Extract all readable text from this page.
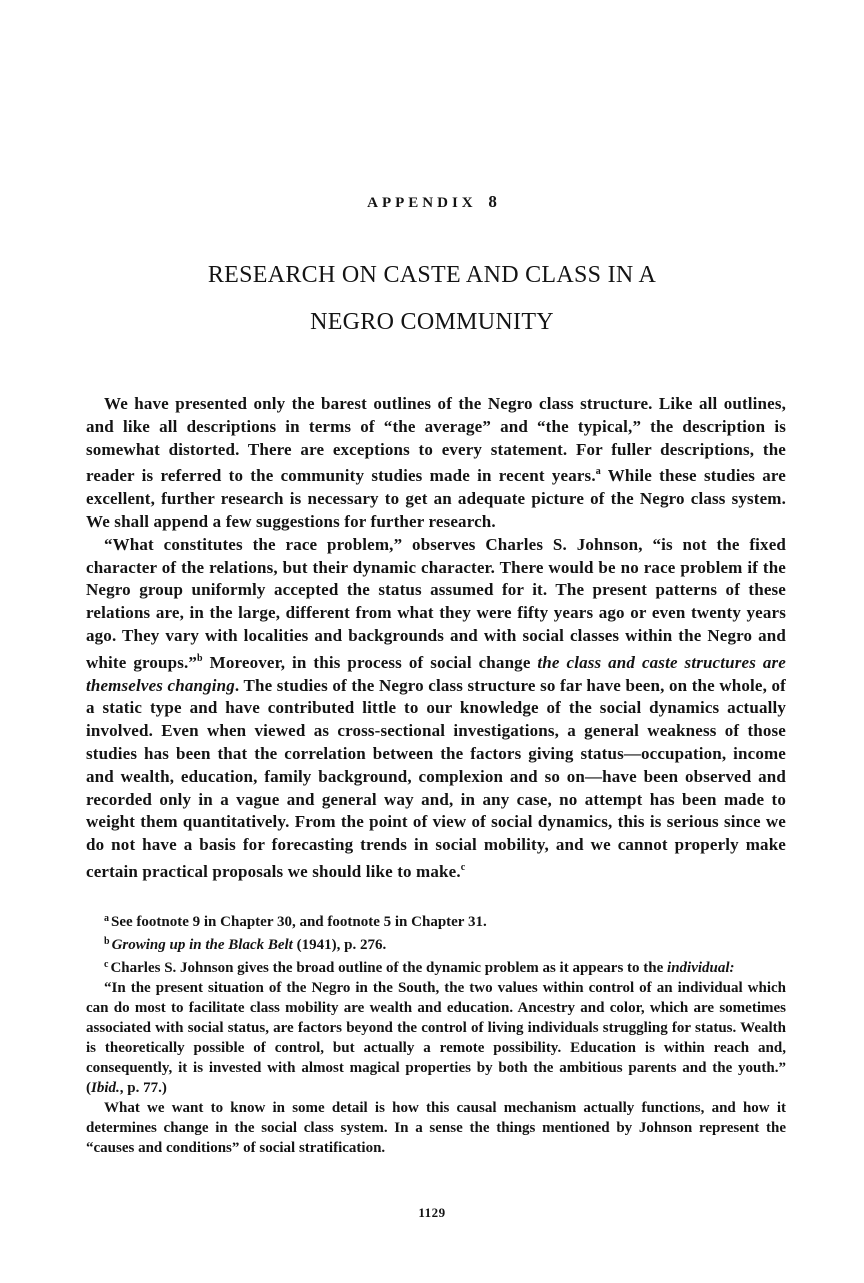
APPENDIX 8
RESEARCH ON CASTE AND CLASS IN A
NEGRO COMMUNITY

We have presented only the barest outlines of the Negro class structure. Like all outlines, and like all descriptions in terms of “the average” and “the typical,” the description is somewhat distorted. There are exceptions to every statement. For fuller descriptions, the reader is referred to the community studies made in recent years.$^a$ While these studies are excellent, further research is necessary to get an adequate picture of the Negro class system. We shall append a few suggestions for further research.

“What constitutes the race problem,” observes Charles S. Johnson, “is not the fixed character of the relations, but their dynamic character. There would be no race problem if the Negro group uniformly accepted the status assumed for it. The present patterns of these relations are, in the large, different from what they were fifty years ago or even twenty years ago. They vary with localities and backgrounds and with social classes within the Negro and white groups.”$^b$ Moreover, in this process of social change the class and caste structures are themselves changing. The studies of the Negro class structure so far have been, on the whole, of a static type and have contributed little to our knowledge of the social dynamics actually involved. Even when viewed as cross-sectional investigations, a general weakness of those studies has been that the correlation between the factors giving status—occupation, income and wealth, education, family background, complexion and so on—have been observed and recorded only in a vague and general way and, in any case, no attempt has been made to weight them quantitatively. From the point of view of social dynamics, this is serious since we do not have a basis for forecasting trends in social mobility, and we cannot properly make certain practical proposals we should like to make.$^c$

$^a$ See footnote 9 in Chapter 30, and footnote 5 in Chapter 31.

$^b$ Growing up in the Black Belt (1941), p. 276.

$^c$ Charles S. Johnson gives the broad outline of the dynamic problem as it appears to the individual:

“In the present situation of the Negro in the South, the two values within control of an individual which can do most to facilitate class mobility are wealth and education. Ancestry and color, which are sometimes associated with social status, are factors beyond the control of living individuals struggling for status. Wealth is theoretically possible of control, but actually a remote possibility. Education is within reach and, consequently, it is invested with almost magical properties by both the ambitious parents and the youth.” (Ibid., p. 77.)

What we want to know in some detail is how this causal mechanism actually functions, and how it determines change in the social class system. In a sense the things mentioned by Johnson represent the “causes and conditions” of social stratification.

1129
